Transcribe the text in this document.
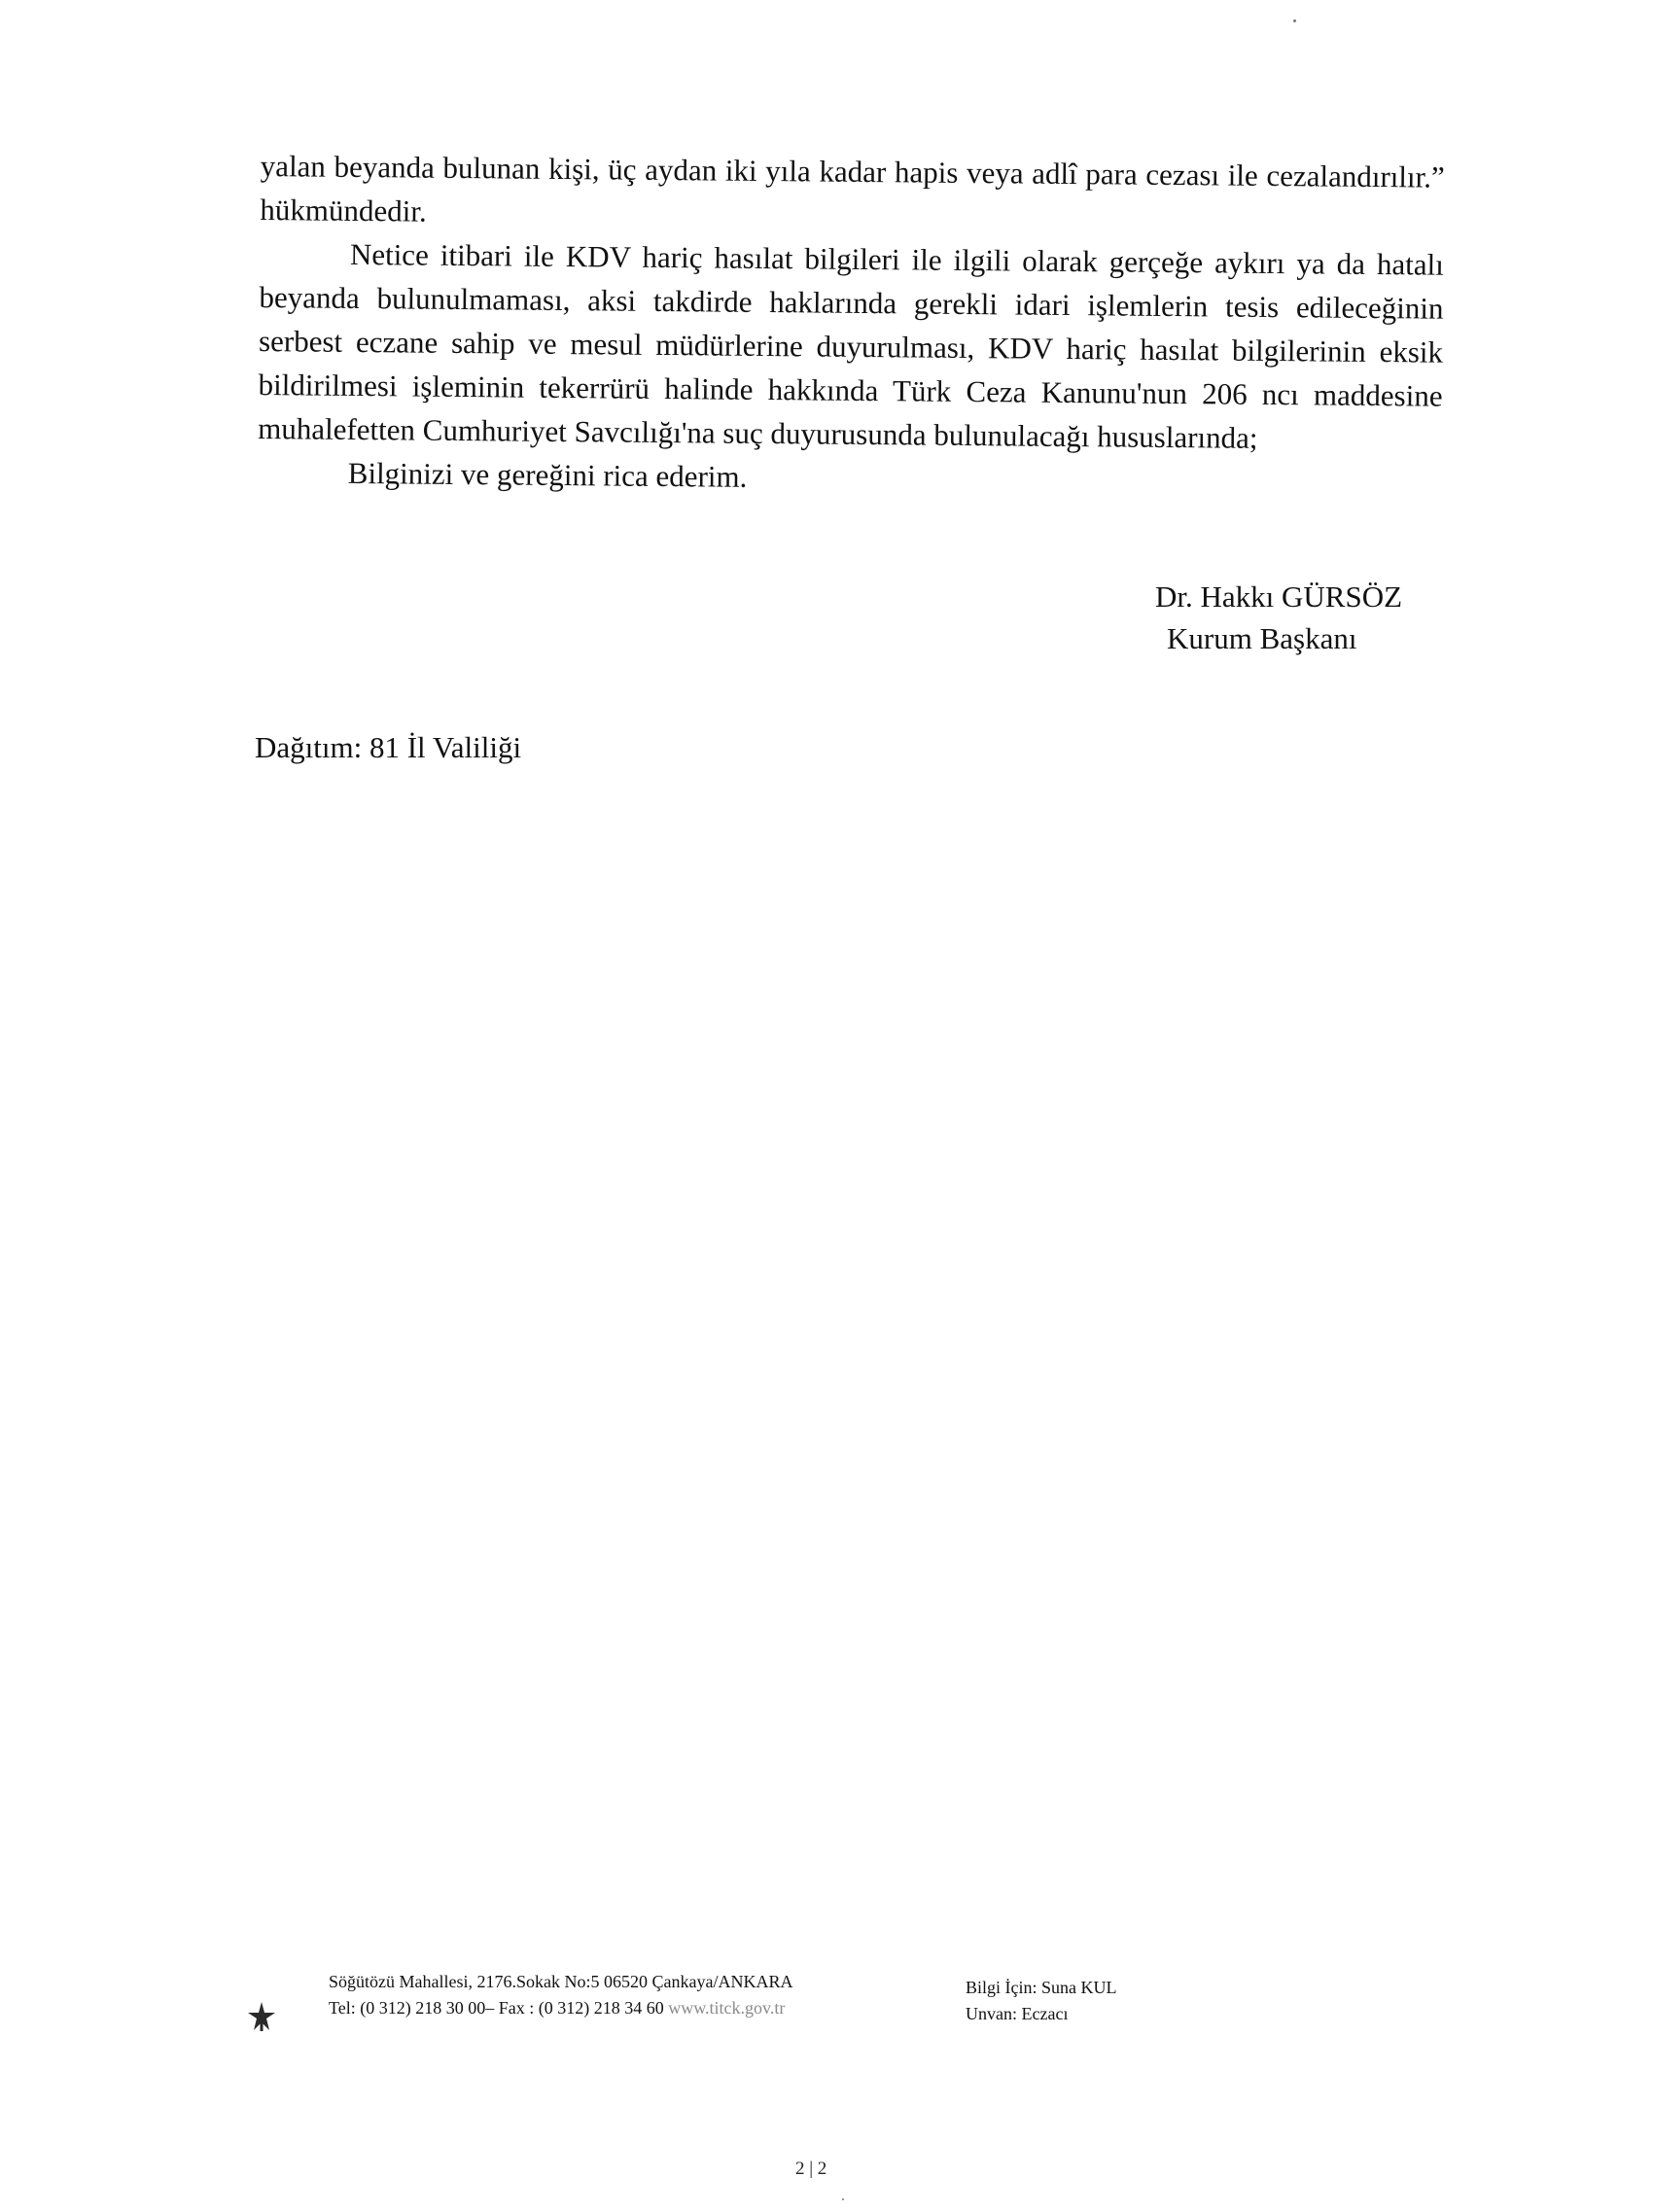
yalan beyanda bulunan kişi, üç aydan iki yıla kadar hapis veya adlî para cezası ile cezalandırılır.” hükmündedir.

Netice itibari ile KDV hariç hasılat bilgileri ile ilgili olarak gerçeğe aykırı ya da hatalı beyanda bulunulmaması, aksi takdirde haklarında gerekli idari işlemlerin tesis edileceğinin serbest eczane sahip ve mesul müdürlerine duyurulması, KDV hariç hasılat bilgilerinin eksik bildirilmesi işleminin tekerrürü halinde hakkında Türk Ceza Kanunu'nun 206 ncı maddesine muhalefetten Cumhuriyet Savcılığı'na suç duyurusunda bulunulacağı hususlarında;

Bilginizi ve gereğini rica ederim.

Dr. Hakkı GÜRSÖZ
Kurum Başkanı
Dağıtım: 81 İl Valiliği
Söğütözü Mahallesi, 2176.Sokak No:5 06520 Çankaya/ANKARA
Tel: (0 312) 218 30 00– Fax : (0 312) 218 34 60 www.titck.gov.tr
Bilgi İçin: Suna KUL
Unvan: Eczacı
2 | 2
